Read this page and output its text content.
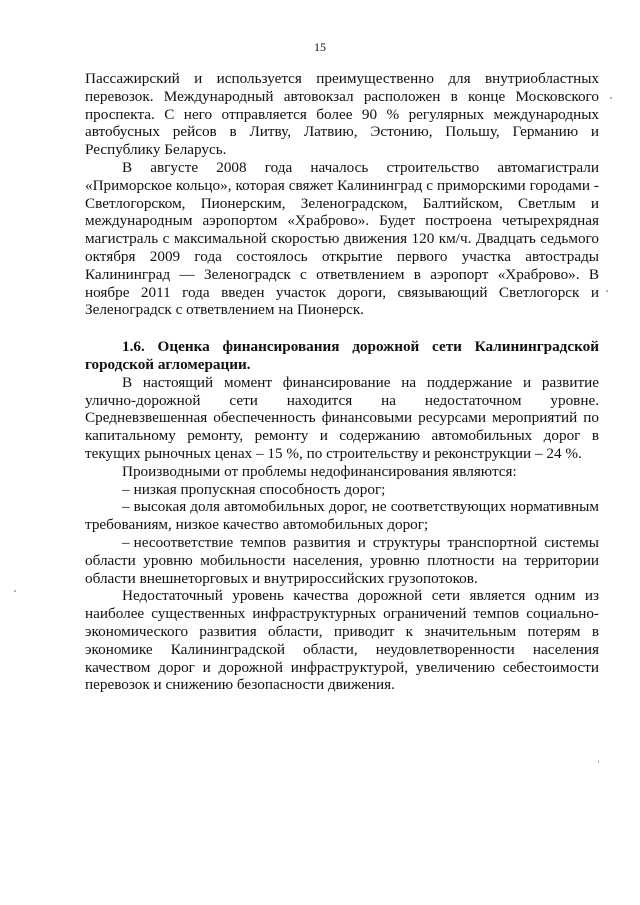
15

Пассажирский и используется преимущественно для внутриобластных перевозок. Международный автовокзал расположен в конце Московского проспекта. С него отправляется более 90 % регулярных международных автобусных рейсов в Литву, Латвию, Эстонию, Польшу, Германию и Республику Беларусь.

В августе 2008 года началось строительство автомагистрали «Приморское кольцо», которая свяжет Калининград с приморскими городами - Светлогорском, Пионерским, Зеленоградском, Балтийском, Светлым и международным аэропортом «Храброво». Будет построена четырехрядная магистраль с максимальной скоростью движения 120 км/ч. Двадцать седьмого октября 2009 года состоялось открытие первого участка автострады Калининград — Зеленоградск с ответвлением в аэропорт «Храброво». В ноябре 2011 года введен участок дороги, связывающий Светлогорск и Зеленоградск с ответвлением на Пионерск.

1.6. Оценка финансирования дорожной сети Калининградской городской агломерации.

В настоящий момент финансирование на поддержание и развитие улично-дорожной сети находится на недостаточном уровне. Средневзвешенная обеспеченность финансовыми ресурсами мероприятий по капитальному ремонту, ремонту и содержанию автомобильных дорог в текущих рыночных ценах – 15 %, по строительству и реконструкции – 24 %.

Производными от проблемы недофинансирования являются:

– низкая пропускная способность дорог;

– высокая доля автомобильных дорог, не соответствующих нормативным требованиям, низкое качество автомобильных дорог;

– несоответствие темпов развития и структуры транспортной системы области уровню мобильности населения, уровню плотности на территории области внешнеторговых и внутрироссийских грузопотоков.

Недостаточный уровень качества дорожной сети является одним из наиболее существенных инфраструктурных ограничений темпов социально-экономического развития области, приводит к значительным потерям в экономике Калининградской области, неудовлетворенности населения качеством дорог и дорожной инфраструктурой, увеличению себестоимости перевозок и снижению безопасности движения.
